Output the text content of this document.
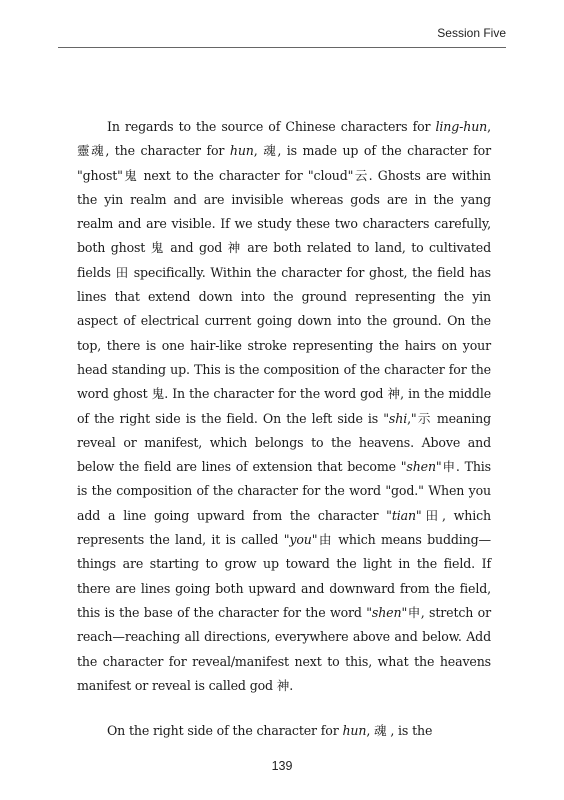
Session Five

In regards to the source of Chinese characters for ling-hun, 靈魂, the character for hun, 魂, is made up of the character for "ghost"鬼 next to the character for "cloud"云. Ghosts are within the yin realm and are invisible whereas gods are in the yang realm and are visible. If we study these two characters carefully, both ghost 鬼 and god 神 are both related to land, to cultivated fields 田 specifically. Within the character for ghost, the field has lines that extend down into the ground representing the yin aspect of electrical current going down into the ground. On the top, there is one hair-like stroke representing the hairs on your head standing up. This is the composition of the character for the word ghost 鬼. In the character for the word god 神, in the middle of the right side is the field. On the left side is "shi,"示 meaning reveal or manifest, which belongs to the heavens. Above and below the field are lines of extension that become "shen"申. This is the composition of the character for the word "god." When you add a line going upward from the character "tian"田, which represents the land, it is called "you"由 which means budding—things are starting to grow up toward the light in the field. If there are lines going both upward and downward from the field, this is the base of the character for the word "shen"申, stretch or reach—reaching all directions, everywhere above and below. Add the character for reveal/manifest next to this, what the heavens manifest or reveal is called god 神.

On the right side of the character for hun, 魂 , is the

139
